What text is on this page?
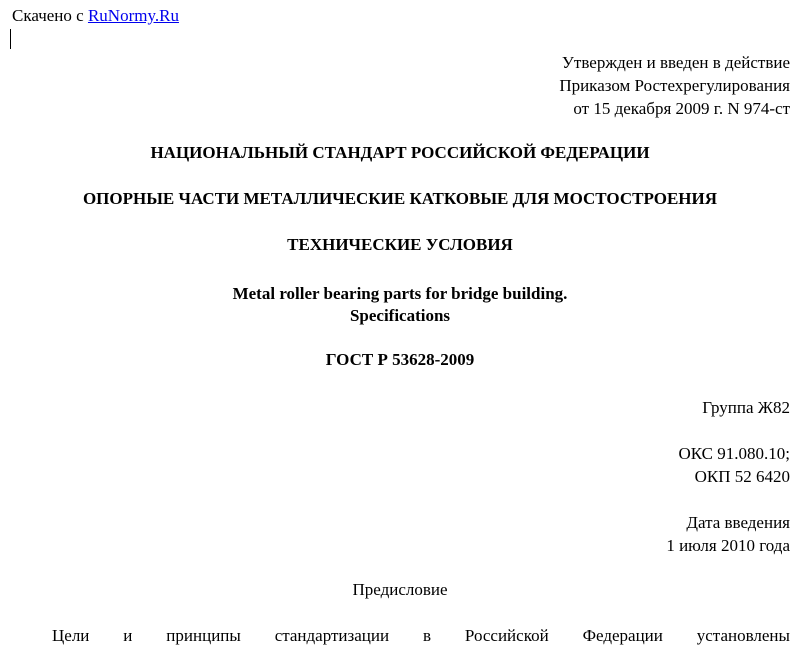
Скачено с RuNormy.Ru
Утвержден и введен в действие
Приказом Ростехрегулирования
от 15 декабря 2009 г. N 974-ст
НАЦИОНАЛЬНЫЙ СТАНДАРТ РОССИЙСКОЙ ФЕДЕРАЦИИ
ОПОРНЫЕ ЧАСТИ МЕТАЛЛИЧЕСКИЕ КАТКОВЫЕ ДЛЯ МОСТОСТРОЕНИЯ
ТЕХНИЧЕСКИЕ УСЛОВИЯ
Metal roller bearing parts for bridge building.
Specifications
ГОСТ Р 53628-2009
Группа Ж82
ОКС 91.080.10;
ОКП 52 6420
Дата введения
1 июля 2010 года
Предисловие
Цели и принципы стандартизации в Российской Федерации установлены
